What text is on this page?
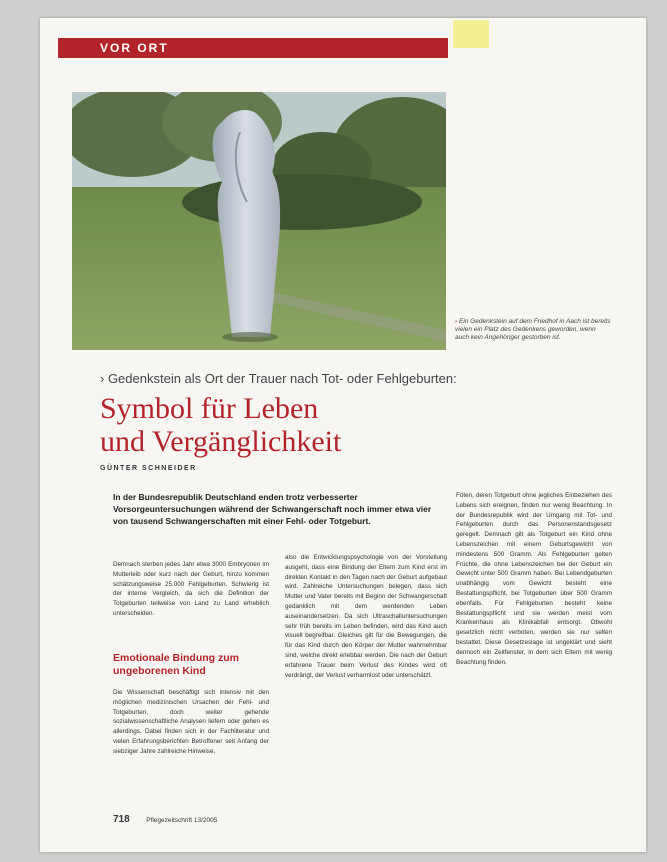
VOR ORT
› Ein Gedenkstein auf dem Friedhof in Aach ist bereits vielen ein Platz des Gedenkens geworden, wenn auch kein Angehöriger gestorben ist.
› Gedenkstein als Ort der Trauer nach Tot- oder Fehlgeburten:
Symbol für Leben
und Vergänglichkeit
GÜNTER SCHNEIDER
In der Bundesrepublik Deutschland enden trotz verbesserter Vorsorgeuntersuchungen während der Schwangerschaft noch immer etwa vier von tausend Schwangerschaften mit einer Fehl- oder Totgeburt.
Demnach sterben jedes Jahr etwa 3000 Embryonen im Mutterleib oder kurz nach der Geburt, hinzu kommen schätzungsweise 25.000 Fehlgeburten. Schwierig ist der interne Vergleich, da sich die Definition der Totgeburten teilweise von Land zu Land erheblich unterscheiden.
Emotionale Bindung zum ungeborenen Kind
Die Wissenschaft beschäftigt sich intensiv mit den möglichen medizinischen Ursachen der Fehl- und Totgeburten, doch weiter gehende sozialwissenschaftliche Analysen liefern oder gehen es allerdings. Dabei finden sich in der Fachliteratur und vielen Erfahrungsberichten Betroffener seit Anfang der siebziger Jahre zahlreiche Hinweise,
also die Entwicklungspsychologie von der Vorstellung ausgeht, dass eine Bindung der Eltern zum Kind erst im direkten Kontakt in den Tagen nach der Geburt aufgebaut wird. Zahlreiche Untersuchungen belegen, dass sich Mutter und Vater bereits mit Beginn der Schwangerschaft gedanklich mit dem werdenden Leben auseinandersetzen. Da sich Ultraschalluntersuchungen sehr früh bereits im Leben befinden, wird das Kind auch visuell begreifbar. Gleiches gilt für die Bewegungen, die für das Kind durch den Körper der Mutter wahrnehmbar sind, welche direkt erlebbar werden. Die nach der Geburt erfahrene Trauer beim Verlust des Kindes wird oft verdrängt, der Verlust verharmlost oder unterschätzt.
Föten, deren Totgeburt ohne jegliches Einbeziehen des Lebens sich ereignen, finden nur wenig Beachtung. In der Bundesrepublik wird der Umgang mit Tot- und Fehlgeburten durch das Personenstandsgesetz geregelt. Demnach gilt als Totgeburt ein Kind ohne Lebenszeichen mit einem Geburtsgewicht von mindestens 500 Gramm. Als Fehlgeburten gelten Früchte, die ohne Lebenszeichen bei der Geburt ein Gewicht unter 500 Gramm haben. Bei Lebendgeburten unabhängig vom Gewicht besteht eine Bestattungspflicht, bei Totgeburten über 500 Gramm ebenfalls. Für Fehlgeburten besteht keine Bestattungspflicht und sie werden meist vom Krankenhaus als Klinikabfall entsorgt. Obwohl gesetzlich nicht verboten, werden sie nur selten bestattet. Diese Gesetzeslage ist ungeklärt und sieht dennoch ein Zeitfenster, in dem sich Eltern mit wenig Beachtung finden.
718	Pflegezeitschrift 13/2005
